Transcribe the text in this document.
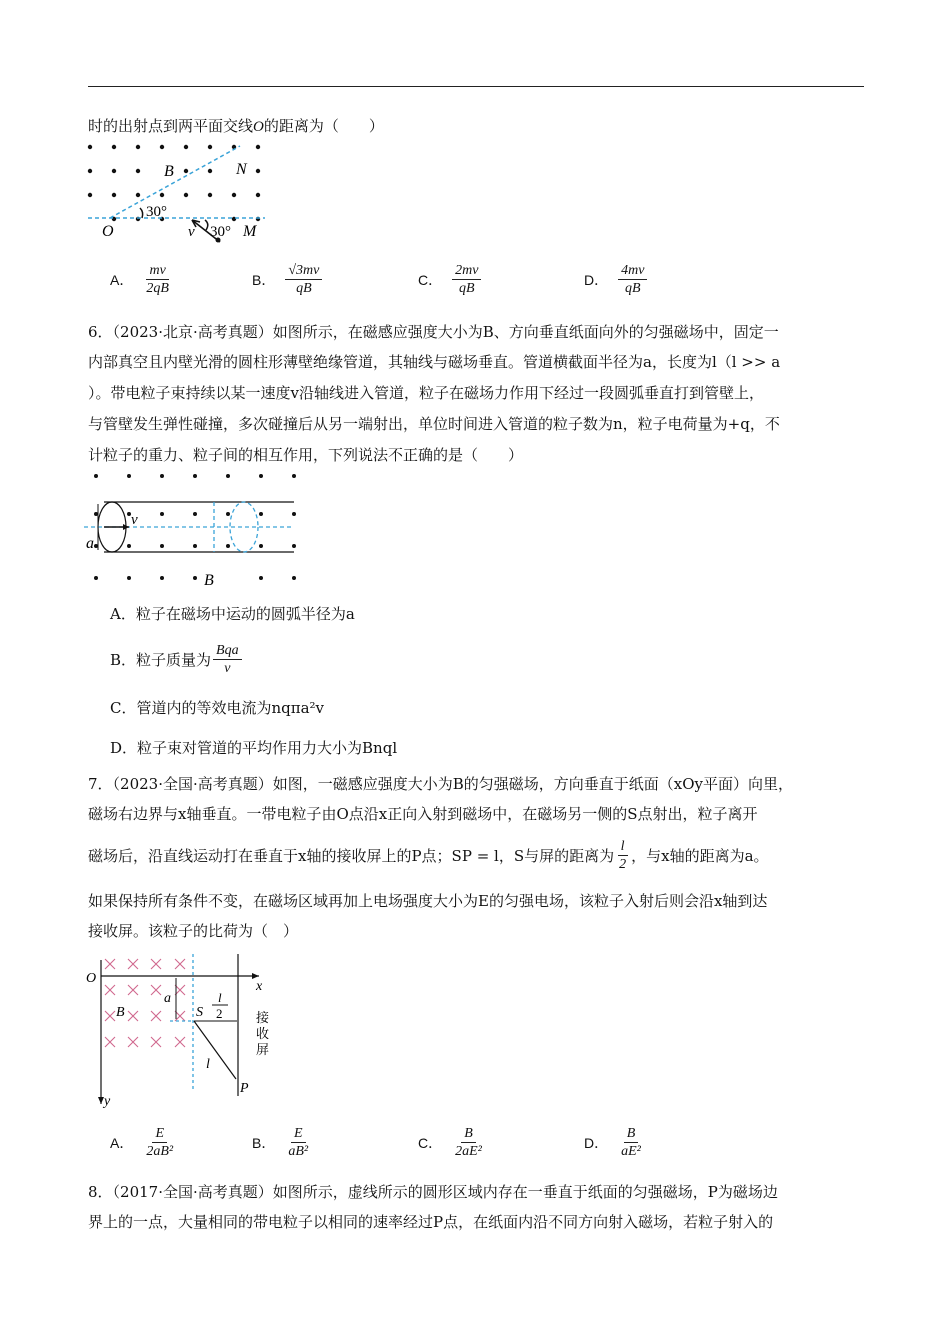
时的出射点到两平面交线O的距离为（　　）
B	N
O	M
v
30°
30°
A． $\frac{mv}{2qB}$	B． $\frac{√3mv}{qB}$	C． $\frac{2mv}{qB}$	D． $\frac{4mv}{qB}$
6．（2023·北京·高考真题）如图所示，在磁感应强度大小为B、方向垂直纸面向外的匀强磁场中，固定一
内部真空且内壁光滑的圆柱形薄壁绝缘管道，其轴线与磁场垂直。管道横截面半径为a，长度为l（l >> a
）。带电粒子束持续以某一速度v沿轴线进入管道，粒子在磁场力作用下经过一段圆弧垂直打到管壁上，
与管壁发生弹性碰撞，多次碰撞后从另一端射出，单位时间进入管道的粒子数为n，粒子电荷量为+q，不
计粒子的重力、粒子间的相互作用，下列说法不正确的是（　　）
v
a
B
A．粒子在磁场中运动的圆弧半径为a
B．粒子质量为 $\frac{\text{Bqa}}{v}$
C．管道内的等效电流为nqπa²v
D．粒子束对管道的平均作用力大小为Bnql
7．（2023·全国·高考真题）如图，一磁感应强度大小为B的匀强磁场，方向垂直于纸面（xOy平面）向里，
磁场右边界与x轴垂直。一带电粒子由O点沿x正向入射到磁场中，在磁场另一侧的S点射出，粒子离开
磁场后，沿直线运动打在垂直于x轴的接收屏上的P点；SP = l，S与屏的距离为 $\frac{l}{2}$ ，与x轴的距离为a。
如果保持所有条件不变，在磁场区域再加上电场强度大小为E的匀强电场，该粒子入射后则会沿x轴到达
接收屏。该粒子的比荷为（　）
O
x
y
B
a
S
l
2
l
P
接
收
屏
A． $\frac{E}{\text{2aB²}}$	B． $\frac{E}{\text{aB²}}$	C． $\frac{B}{\text{2aE²}}$	D． $\frac{B}{\text{aE²}}$
8．（2017·全国·高考真题）如图所示，虚线所示的圆形区域内存在一垂直于纸面的匀强磁场，P为磁场边
界上的一点，大量相同的带电粒子以相同的速率经过P点，在纸面内沿不同方向射入磁场，若粒子射入的
